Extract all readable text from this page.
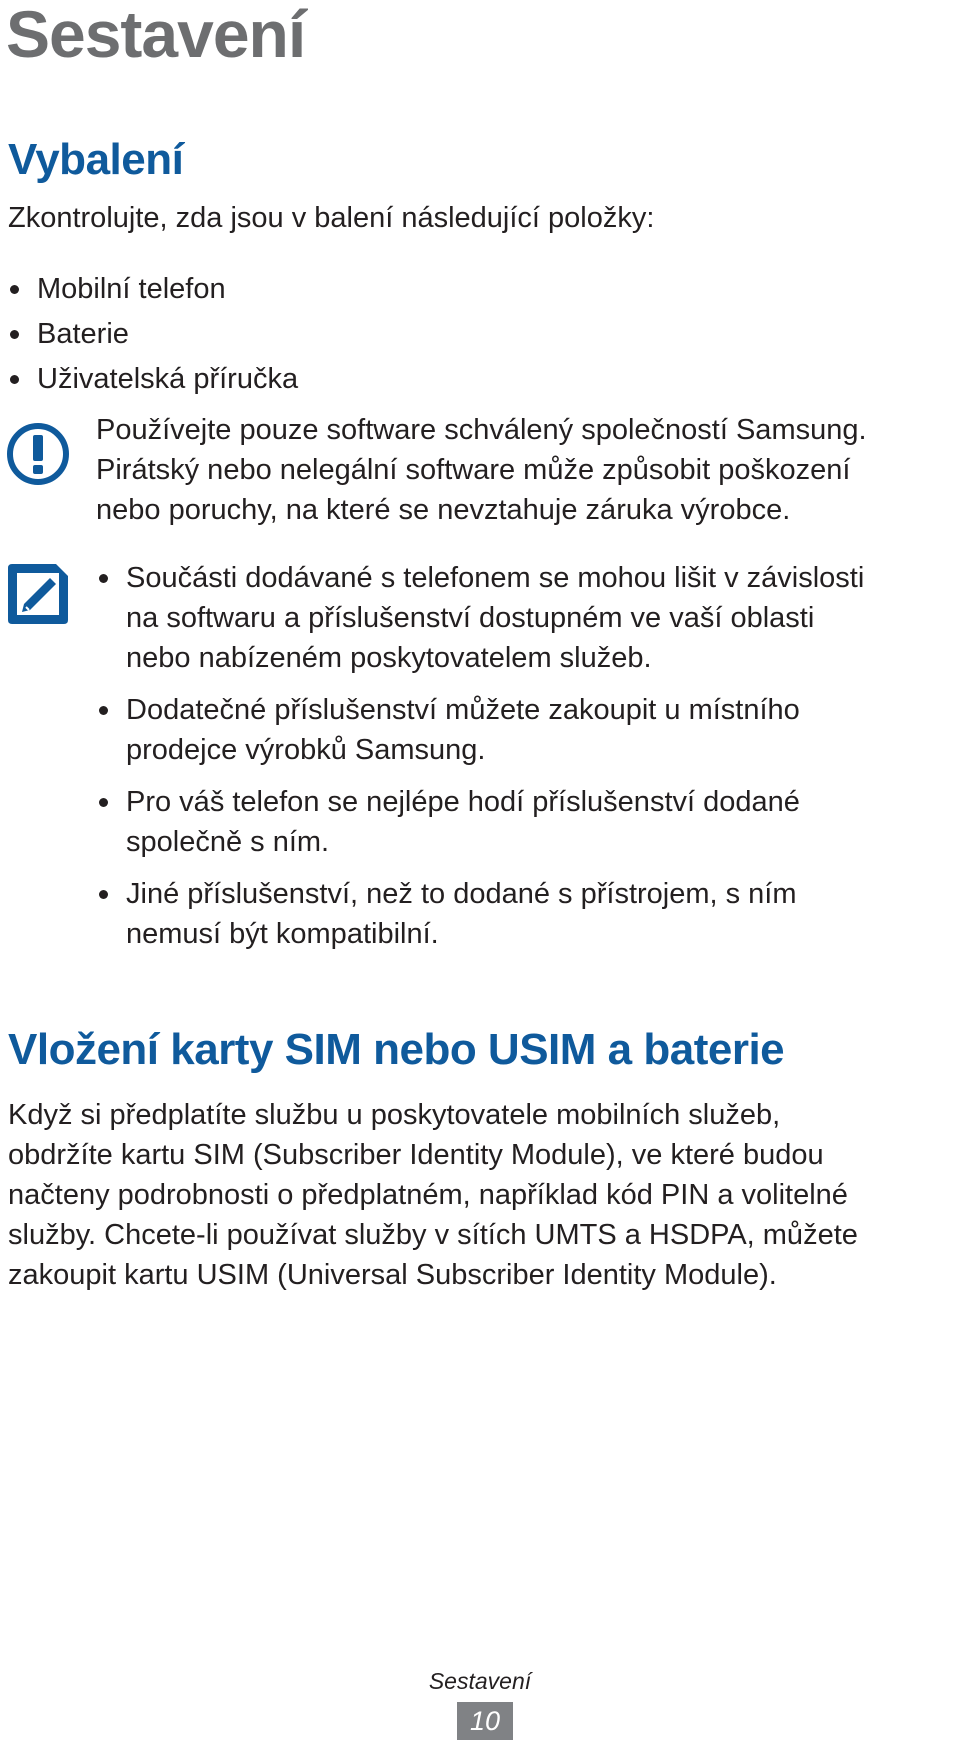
Sestavení
Vybalení

Zkontrolujte, zda jsou v balení následující položky:

Mobilní telefon
Baterie
Uživatelská příručka

Používejte pouze software schválený společností Samsung.

Pirátský nebo nelegální software může způsobit poškození

nebo poruchy, na které se nevztahuje záruka výrobce.

Součásti dodávané s telefonem se mohou lišit v závislosti
na softwaru a příslušenství dostupném ve vaší oblasti
nebo nabízeném poskytovatelem služeb.
Dodatečné příslušenství můžete zakoupit u místního
prodejce výrobků Samsung.
Pro váš telefon se nejlépe hodí příslušenství dodané
společně s ním.
Jiné příslušenství, než to dodané s přístrojem, s ním
nemusí být kompatibilní.
Vložení karty SIM nebo USIM a baterie
Když si předplatíte službu u poskytovatele mobilních služeb,
obdržíte kartu SIM (Subscriber Identity Module), ve které budou
načteny podrobnosti o předplatném, například kód PIN a volitelné
služby. Chcete-li používat služby v sítích UMTS a HSDPA, můžete
zakoupit kartu USIM (Universal Subscriber Identity Module).
Sestavení
10
